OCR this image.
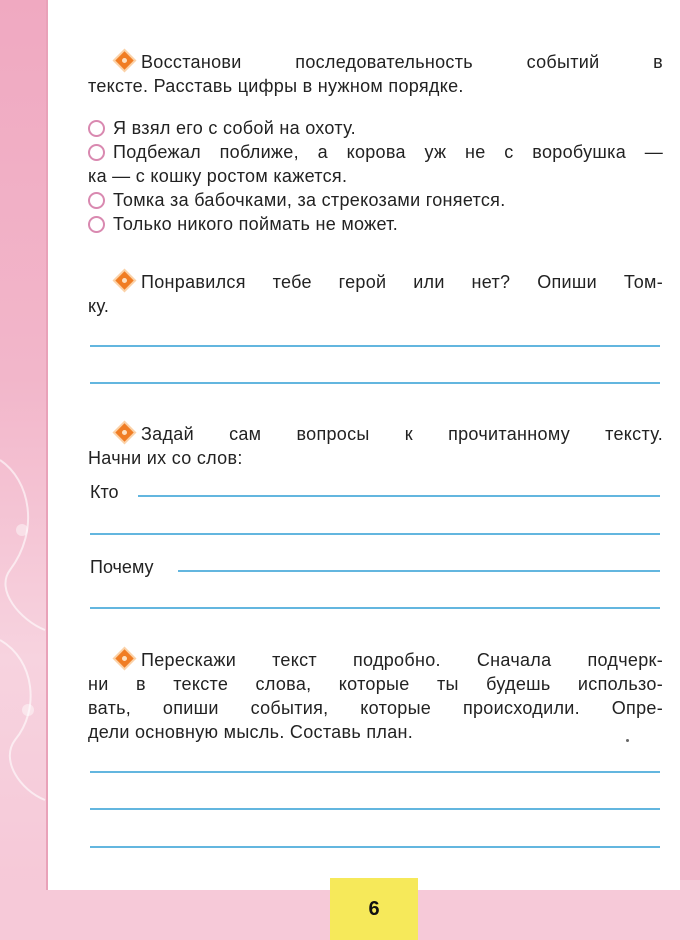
Восстанови последовательность событий в

тексте. Расставь цифры в нужном порядке.

Я взял его с собой на охоту.
Подбежал поближе, а корова уж не с воробушка —
ка — с кошку ростом кажется.
Томка за бабочками, за стрекозами гоняется.
Только никого поймать не может.

Понравился тебе герой или нет? Опиши Том-

ку.

Задай сам вопросы к прочитанному тексту.

Начни их со слов:

Кто
Почему

Перескажи текст подробно. Сначала подчерк-

ни в тексте слова, которые ты будешь использо-

вать, опиши события, которые происходили. Опре-

дели основную мысль. Составь план.

6
